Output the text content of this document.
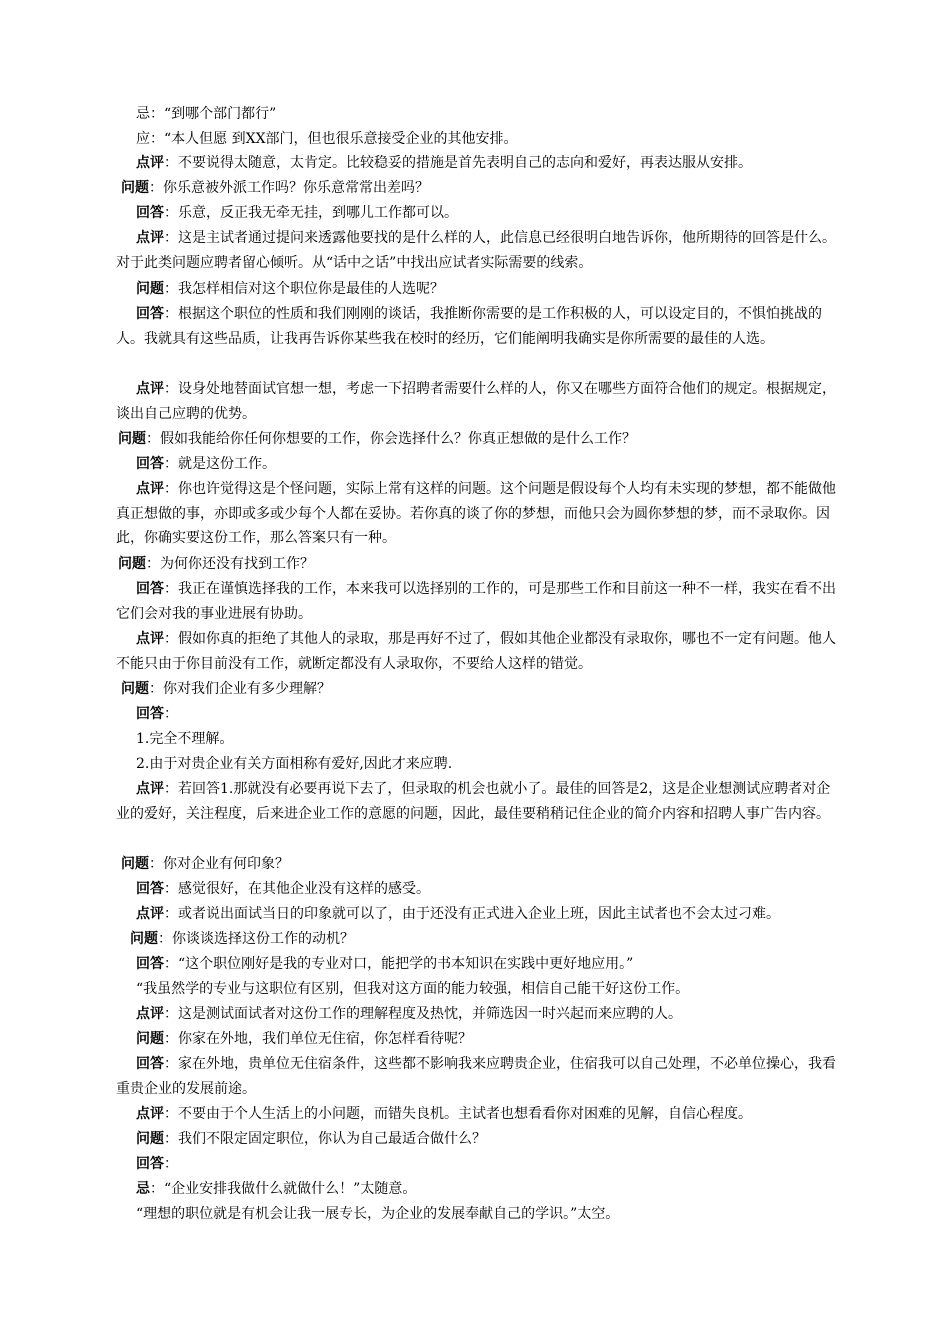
忌：“到哪个部门都行”
应：“本人但愿 到XX部门，但也很乐意接受企业的其他安排。
点评：不要说得太随意，太肯定。比较稳妥的措施是首先表明自己的志向和爱好，再表达服从安排。
问题：你乐意被外派工作吗？你乐意常常出差吗？
回答：乐意，反正我无牵无挂，到哪儿工作都可以。
点评：这是主试者通过提问来透露他要找的是什么样的人，此信息已经很明白地告诉你，他所期待的回答是什么。对于此类问题应聘者留心倾听。从“话中之话”中找出应试者实际需要的线索。
问题：我怎样相信对这个职位你是最佳的人选呢？
回答：根据这个职位的性质和我们刚刚的谈话，我推断你需要的是工作积极的人，可以设定目的，不惧怕挑战的人。我就具有这些品质，让我再告诉你某些我在校时的经历，它们能阐明我确实是你所需要的最佳的人选。
点评：设身处地替面试官想一想，考虑一下招聘者需要什么样的人，你又在哪些方面符合他们的规定。根据规定，谈出自己应聘的优势。
问题：假如我能给你任何你想要的工作，你会选择什么？你真正想做的是什么工作？
回答：就是这份工作。
点评：你也许觉得这是个怪问题，实际上常有这样的问题。这个问题是假设每个人均有未实现的梦想，都不能做他真正想做的事，亦即或多或少每个人都在妥协。若你真的谈了你的梦想，而他只会为圆你梦想的梦，而不录取你。因此，你确实要这份工作，那么答案只有一种。
问题：为何你还没有找到工作？
回答：我正在谨慎选择我的工作，本来我可以选择别的工作的，可是那些工作和目前这一种不一样，我实在看不出它们会对我的事业进展有协助。
点评：假如你真的拒绝了其他人的录取，那是再好不过了，假如其他企业都没有录取你，哪也不一定有问题。他人不能只由于你目前没有工作，就断定都没有人录取你，不要给人这样的错觉。
问题：你对我们企业有多少理解？
回答：
1.完全不理解。
2.由于对贵企业有关方面相称有爱好,因此才来应聘.
点评：若回答1.那就没有必要再说下去了，但录取的机会也就小了。最佳的回答是2，这是企业想测试应聘者对企业的爱好，关注程度，后来进企业工作的意愿的问题，因此，最佳要稍稍记住企业的简介内容和招聘人事广告内容。
问题：你对企业有何印象？
回答：感觉很好，在其他企业没有这样的感受。
点评：或者说出面试当日的印象就可以了，由于还没有正式进入企业上班，因此主试者也不会太过刁难。
问题：你谈谈选择这份工作的动机？
回答：“这个职位刚好是我的专业对口，能把学的书本知识在实践中更好地应用。”
“我虽然学的专业与这职位有区别，但我对这方面的能力较强，相信自己能干好这份工作。
点评：这是测试面试者对这份工作的理解程度及热忱，并筛选因一时兴起而来应聘的人。
问题：你家在外地，我们单位无住宿，你怎样看待呢？
回答：家在外地，贵单位无住宿条件，这些都不影响我来应聘贵企业，住宿我可以自己处理，不必单位操心，我看重贵企业的发展前途。
点评：不要由于个人生活上的小问题，而错失良机。主试者也想看看你对困难的见解，自信心程度。
问题：我们不限定固定职位，你认为自己最适合做什么？
回答：
忌：“企业安排我做什么就做什么！”太随意。
“理想的职位就是有机会让我一展专长，为企业的发展奉献自己的学识。”太空。
